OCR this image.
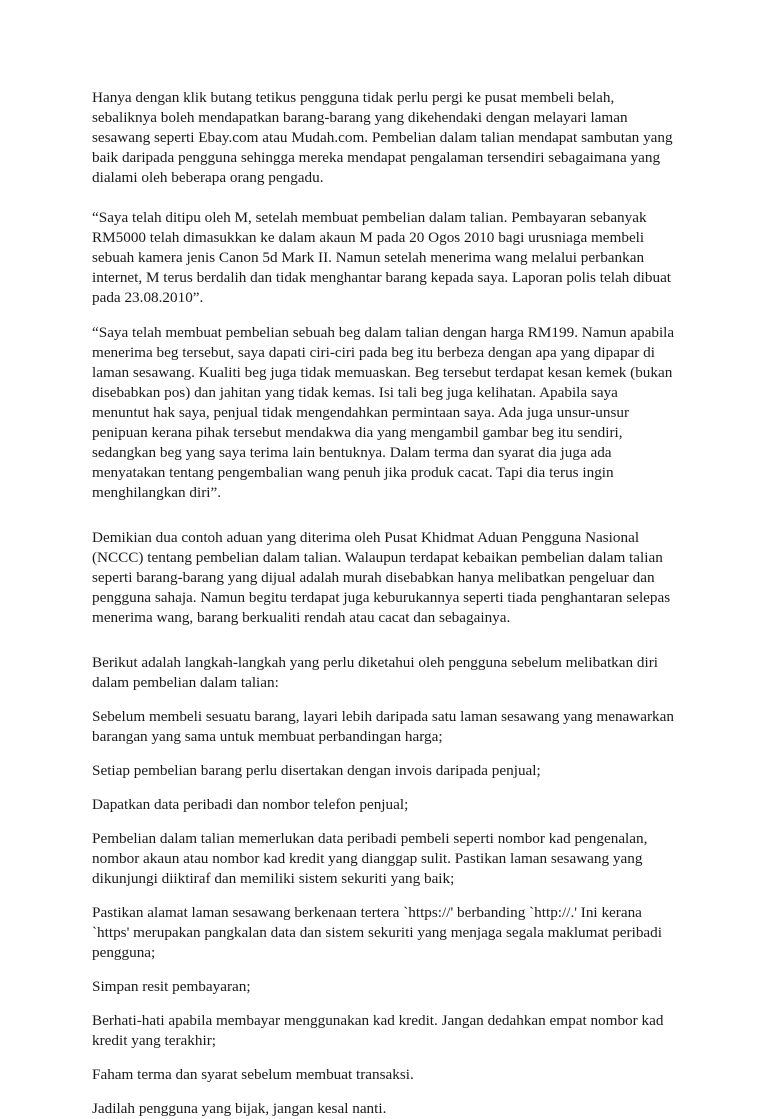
Hanya dengan klik butang tetikus pengguna tidak perlu pergi ke pusat membeli belah, sebaliknya boleh mendapatkan barang-barang yang dikehendaki dengan melayari laman sesawang seperti Ebay.com atau Mudah.com. Pembelian dalam talian mendapat sambutan yang baik daripada pengguna sehingga mereka mendapat pengalaman tersendiri sebagaimana yang dialami oleh beberapa orang pengadu.

“Saya telah ditipu oleh M, setelah membuat pembelian dalam talian. Pembayaran sebanyak RM5000 telah dimasukkan ke dalam akaun M pada 20 Ogos 2010 bagi urusniaga membeli sebuah kamera jenis Canon 5d Mark II. Namun setelah menerima wang melalui perbankan internet, M terus berdalih dan tidak menghantar barang kepada saya. Laporan polis telah dibuat pada 23.08.2010”.

“Saya telah membuat pembelian sebuah beg dalam talian dengan harga RM199. Namun apabila menerima beg tersebut, saya dapati ciri-ciri pada beg itu berbeza dengan apa yang dipapar di laman sesawang. Kualiti beg juga tidak memuaskan. Beg tersebut terdapat kesan kemek (bukan disebabkan pos) dan jahitan yang tidak kemas. Isi tali beg juga kelihatan. Apabila saya menuntut hak saya, penjual tidak mengendahkan permintaan saya. Ada juga unsur-unsur penipuan kerana pihak tersebut mendakwa dia yang mengambil gambar beg itu sendiri, sedangkan beg yang saya terima lain bentuknya. Dalam terma dan syarat dia juga ada menyatakan tentang pengembalian wang penuh jika produk cacat. Tapi dia terus ingin menghilangkan diri”.

Demikian dua contoh aduan yang diterima oleh Pusat Khidmat Aduan Pengguna Nasional (NCCC) tentang pembelian dalam talian. Walaupun terdapat kebaikan pembelian dalam talian seperti barang-barang yang dijual adalah murah disebabkan hanya melibatkan pengeluar dan pengguna sahaja. Namun begitu terdapat juga keburukannya seperti tiada penghantaran selepas menerima wang, barang berkualiti rendah atau cacat dan sebagainya.

Berikut adalah langkah-langkah yang perlu diketahui oleh pengguna sebelum melibatkan diri dalam pembelian dalam talian:

Sebelum membeli sesuatu barang, layari lebih daripada satu laman sesawang yang menawarkan barangan yang sama untuk membuat perbandingan harga;

Setiap pembelian barang perlu disertakan dengan invois daripada penjual;

Dapatkan data peribadi dan nombor telefon penjual;

Pembelian dalam talian memerlukan data peribadi pembeli seperti nombor kad pengenalan, nombor akaun atau nombor kad kredit yang dianggap sulit. Pastikan laman sesawang yang dikunjungi diiktiraf dan memiliki sistem sekuriti yang baik;

Pastikan alamat laman sesawang berkenaan tertera `https://' berbanding `http://.' Ini kerana `https' merupakan pangkalan data dan sistem sekuriti yang menjaga segala maklumat peribadi pengguna;

Simpan resit pembayaran;

Berhati-hati apabila membayar menggunakan kad kredit. Jangan dedahkan empat nombor kad kredit yang terakhir;

Faham terma dan syarat sebelum membuat transaksi.

Jadilah pengguna yang bijak, jangan kesal nanti.
